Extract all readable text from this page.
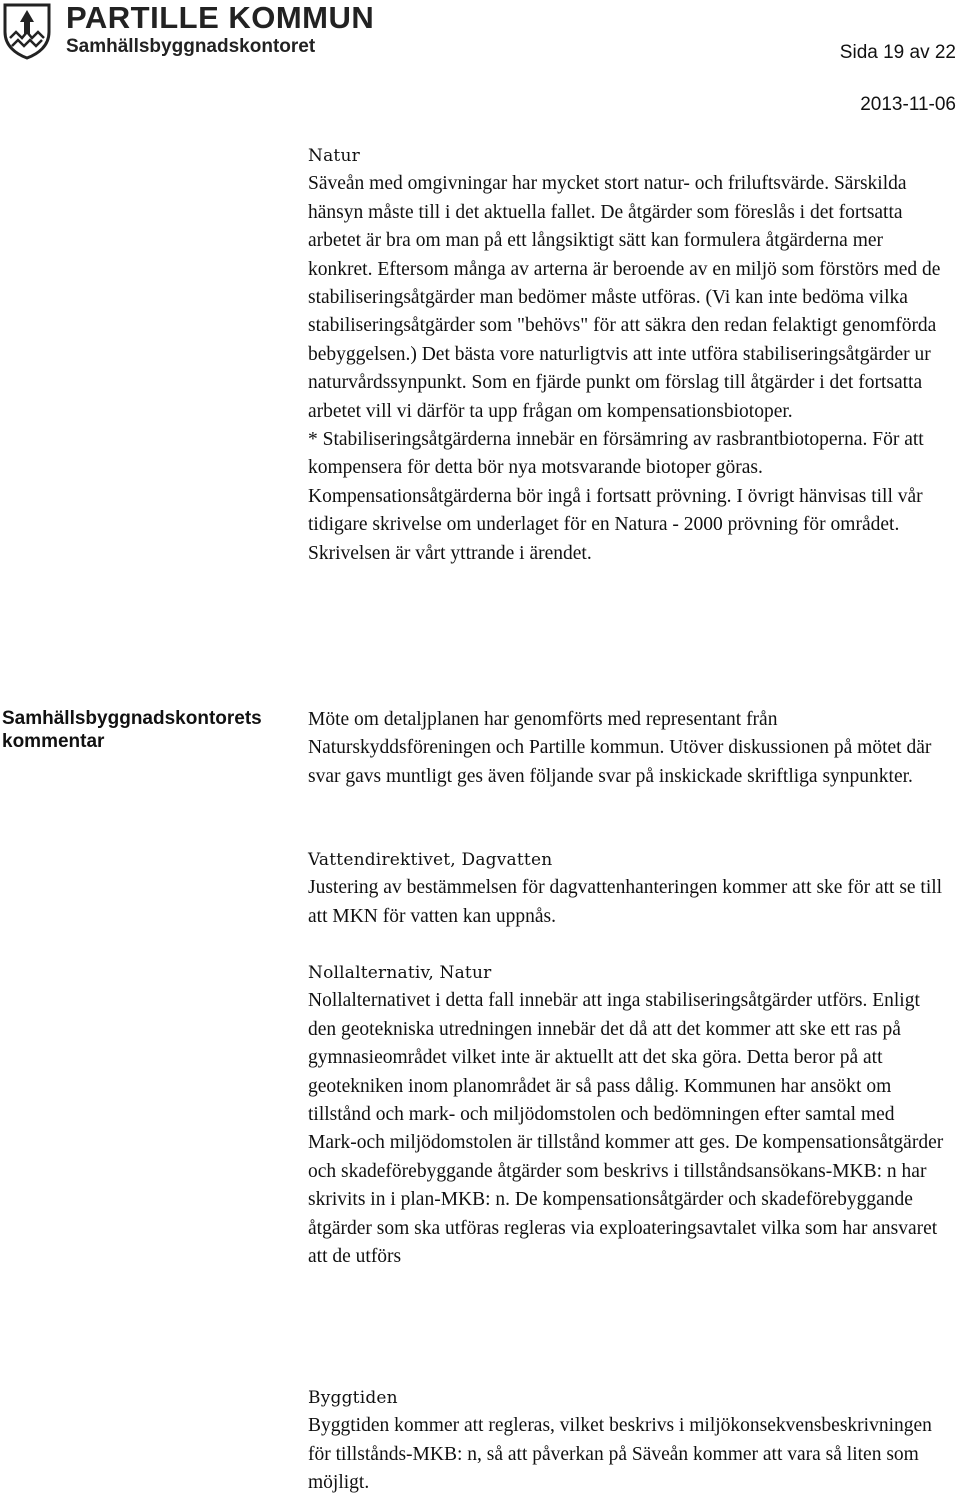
PARTILLE KOMMUN
Samhällsbyggnadskontoret	Sida 19 av 22
2013-11-06

Natur

Säveån med omgivningar har mycket stort natur- och friluftsvärde. Särskilda hänsyn måste till i det aktuella fallet. De åtgärder som föreslås i det fortsatta arbetet är bra om man på ett långsiktigt sätt kan formulera åtgärderna mer konkret. Eftersom många av arterna är beroende av en miljö som förstörs med de stabiliseringsåtgärder man bedömer måste utföras. (Vi kan inte bedöma vilka stabiliseringsåtgärder som "behövs" för att säkra den redan felaktigt genomförda bebyggelsen.) Det bästa vore naturligtvis att inte utföra stabiliseringsåtgärder ur naturvårdssynpunkt. Som en fjärde punkt om förslag till åtgärder i det fortsatta arbetet vill vi därför ta upp frågan om kompensationsbiotoper.

* Stabiliseringsåtgärderna innebär en försämring av rasbrantbiotoperna. För att kompensera för detta bör nya motsvarande biotoper göras. Kompensationsåtgärderna bör ingå i fortsatt prövning. I övrigt hänvisas till vår tidigare skrivelse om underlaget för en Natura - 2000 prövning för området. Skrivelsen är vårt yttrande i ärendet.

Samhällsbyggnadskontorets kommentar

Möte om detaljplanen har genomförts med representant från Naturskyddsföreningen och Partille kommun. Utöver diskussionen på mötet där svar gavs muntligt ges även följande svar på inskickade skriftliga synpunkter.

Vattendirektivet, Dagvatten

Justering av bestämmelsen för dagvattenhanteringen kommer att ske för att se till att MKN för vatten kan uppnås.

Nollalternativ, Natur

Nollalternativet i detta fall innebär att inga stabiliseringsåtgärder utförs. Enligt den geotekniska utredningen innebär det då att det kommer att ske ett ras på gymnasieområdet vilket inte är aktuellt att det ska göra. Detta beror på att geotekniken inom planområdet är så pass dålig. Kommunen har ansökt om tillstånd och mark- och miljödomstolen och bedömningen efter samtal med Mark-och miljödomstolen är tillstånd kommer att ges. De kompensationsåtgärder och skadeförebyggande åtgärder som beskrivs i tillståndsansökans-MKB: n har skrivits in i plan-MKB: n. De kompensationsåtgärder och skadeförebyggande åtgärder som ska utföras regleras via exploateringsavtalet vilka som har ansvaret att de utförs

Byggtiden

Byggtiden kommer att regleras, vilket beskrivs i miljökonsekvensbeskrivningen för tillstånds-MKB: n, så att påverkan på Säveån kommer att vara så liten som möjligt.
